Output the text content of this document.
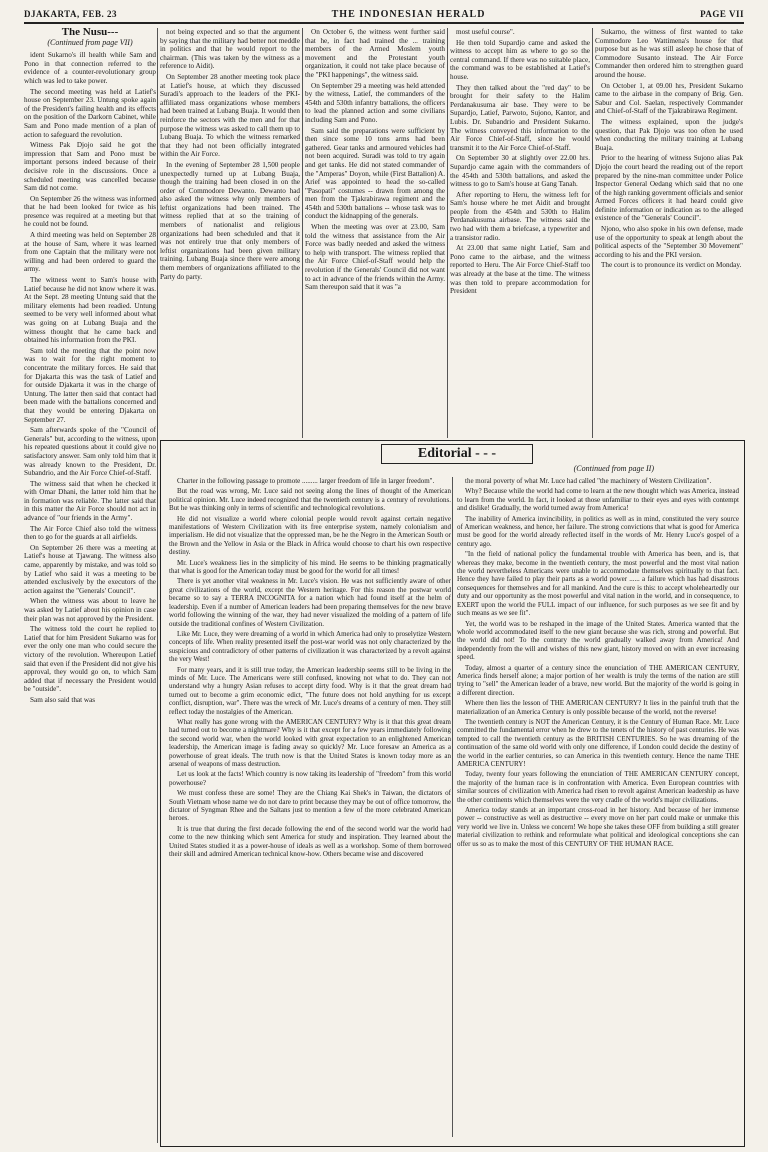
DJAKARTA, FEB. 23	THE INDONESIAN HERALD	PAGE VII
The Nusu---
(Continued from page VII)

ident Sukarno's ill health while Sam and Pono in that connection referred to the evidence of a counter-revolutionary group which was led to take power.

The second meeting was held at Latief's house on September 23. Untung spoke again of the President's failing health and its effects on the position of the Darkorn Cabinet, while Sam and Pono made mention of a plan of action to safeguard the revolution.

Witness Pak Djojo said he got the impression that Sam and Pono must be important persons indeed because of their decisive role in the discussions. Once a scheduled meeting was cancelled because Sam did not come.

On September 26 the witness was informed that he had been looked for twice as his presence was required at a meeting but that he could not be found.

A third meeting was held on September 28 at the house of Sam, where it was learned from one Captain that the military were not willing and had been ordered to guard the army.

The witness went to Sam's house with Latief because he did not know where it was. At the Sept. 28 meeting Untung said that the military elements had been readied. Untung seemed to be very well informed about what was going on at Lubang Buaja and the witness thought that he came back and obtained his information from the PKI.

Sam told the meeting that the point now was to wait for the right moment to concentrate the military forces. He said that for Djakarta this was the task of Latief and for outside Djakarta it was in the charge of Untung. The latter then said that contact had been made with the battalions concerned and that they would be entering Djakarta on September 27.

Sam afterwards spoke of the "Council of Generals" but, according to the witness, upon his repeated questions about it could give no satisfactory answer. Sam only told him that it was already known to the President, Dr. Subandrio, and the Air Force Chief-of-Staff.

The witness said that when he checked it with Omar Dhani, the latter told him that he in formation was reliable. The latter said that in this matter the Air Force should not act in advance of "our friends in the Army".

The Air Force Chief also told the witness then to go for the guards at all airfields.

On September 26 there was a meeting at Latief's house at Tjawang. The witness also came, apparently by mistake, and was told so by Latief who said it was a meeting to be attended exclusively by the executors of the action against the "Generals' Council".

When the witness was about to leave he was asked by Latief about his opinion in case their plan was not approved by the President.

The witness told the court he replied to Latief that for him President Sukarno was for ever the only one man who could secure the victory of the revolution. Whereupon Latief said that even if the President did not give his approval, they would go on, to which Sam added that if necessary the President would be "outside".

Sam also said that was

not being expected and so that the argument by saying that the military had better not meddle in politics and that he would report to the chairman. (This was taken by the witness as a reference to Aidit).

On September 28 another meeting took place at Latief's house, at which they discussed Suradi's approach to the leaders of the PKI-affiliated mass organizations whose members had been trained at Lubang Buaja. It would then reinforce the sectors with the men and for that purpose the witness was asked to call them up to Lubang Buaja. To which the witness remarked that they had not been officially integrated within the Air Force.

In the evening of September 28 1,500 people unexpectedly turned up at Lubang Buaja, though the training had been closed in on the order of Commodore Dewanto. Dewanto had also asked the witness why only members of leftist organizations had been trained. The witness replied that at so the training of members of nationalist and religious organizations had been scheduled and that it was not entirely true that only members of leftist organizations had been given military training. Lubang Buaja since there were among them members of organizations affiliated to the Party do party.

On October 6, the witness went further said that he, in fact had trained the ... training members of the Armed Moslem youth movement and the Protestant youth organization, it could not take place because of the "PKI happenings", the witness said.

On September 29 a meeting was held attended by the witness, Latief, the commanders of the 454th and 530th infantry battalions, the officers to lead the planned action and some civilians including Sam and Pono.

Sam said the preparations were sufficient by then since some 10 tons arms had been gathered. Gear tanks and armoured vehicles had not been acquired. Suradi was told to try again and get tanks. He did not stated commander of the "Amperas" Doyon, while (First Battalion) A. Arief was appointed to head the so-called "Pasopati" costumes -- drawn from among the men from the Tjakrabirawa regiment and the 454th and 530th battalions -- whose task was to conduct the kidnapping of the generals.

When the meeting was over at 23.00, Sam told the witness that assistance from the Air Force was badly needed and asked the witness to help with transport. The witness replied that the Air Force Chief-of-Staff would help the revolution if the Generals' Council did not want to act in advance of the friends within the Army. Sam thereupon said that it was "a

most useful course".

He then told Supardjo came and asked the witness to accept him as where to go so the central command. If there was no suitable place, the command was to be established at Latief's house.

They then talked about the "red day" to be brought for their safety to the Halim Perdanakusuma air base. They were to be Supardjo, Latief, Parwoto, Sujono, Kantor, and Lubis. Dr. Subandrio and President Sukarno. The witness conveyed this information to the Air Force Chief-of-Staff, since he would transmit it to the Air Force Chief-of-Staff.

On September 30 at slightly over 22.00 hrs. Supardjo came again with the commanders of the 454th and 530th battalions, and asked the witness to go to Sam's house at Gang Tanah.

After reporting to Heru, the witness left for Sam's house where he met Aidit and brought people from the 454th and 530th to Halim Perdanakusuma airbase. The witness said the two had with them a briefcase, a typewriter and a transistor radio.

At 23.00 that same night Latief, Sam and Pono came to the airbase, and the witness reported to Heru. The Air Force Chief-Staff too was already at the base at the time. The witness was then told to prepare accommodation for President

Sukarno, the witness of first wanted to take Commodore Leo Wattimena's house for that purpose but as he was still asleep he chose that of Commodore Susanto instead. The Air Force Commander then ordered him to strengthen guard around the house.

On October 1, at 09.00 hrs, President Sukarno came to the airbase in the company of Brig. Gen. Sabur and Col. Saelan, respectively Commander and Chief-of-Staff of the Tjakrabirawa Regiment.

The witness explained, upon the judge's question, that Pak Djojo was too often he used when conducting the military training at Lubang Buaja.

Prior to the hearing of witness Sujono alias Pak Djojo the court heard the reading out of the report prepared by the nine-man committee under Police Inspector General Oedang which said that no one of the high ranking government officials and senior Armed Forces officers it had heard could give definite information or indication as to the alleged existence of the "Generals' Council".

Njono, who also spoke in his own defense, made use of the opportunity to speak at length about the political aspects of the "September 30 Movement" according to his and the PKI version.

The court is to pronounce its verdict on Monday.

Editorial - - -
(Continued from page II)

Charter in the following passage to promote ......... larger freedom of life in larger freedom".

But the road was wrong, Mr. Luce said not seeing along the lines of thought of the American political opinion. Mr. Luce indeed recognized that the twentieth century is a century of revolutions. But he was thinking only in terms of scientific and technological revolutions.

He did not visualize a world where colonial people would revolt against certain negative manifestations of Western Civilization with its free enterprise system, namely colonialism and imperialism. He did not visualize that the oppressed man, be he the Negro in the American South or the Brown and the Yellow in Asia or the Black in Africa would choose to chart his own respective destiny.

Mr. Luce's weakness lies in the simplicity of his mind. He seems to be thinking pragmatically that what is good for the American today must be good for the world for all times!

There is yet another vital weakness in Mr. Luce's vision. He was not sufficiently aware of other great civilizations of the world, except the Western heritage. For this reason the postwar world became so to say a TERRA INCOGNITA for a nation which had found itself at the helm of leadership. Even if a number of American leaders had been preparing themselves for the new brave world following the winning of the war, they had never visualized the molding of a pattern of life outside the traditional confines of Western Civilization.

Like Mr. Luce, they were dreaming of a world in which America had only to proselytize Western concepts of life. When reality presented itself the post-war world was not only characterized by the suspicious and contradictory of other patterns of civilization it was characterized by a revolt against the very West!

For many years, and it is still true today, the American leadership seems still to be living in the minds of Mr. Luce. The Americans were still confused, knowing not what to do. They can not understand why a hungry Asian refuses to accept dirty food. Why is it that the great dream had turned out to become a grim economic edict, "The future does not hold anything for us except conflict, disruption, war". There was the wreck of Mr. Luce's dreams of a century of men. They still reflect today the nostalgies of the American.

What really has gone wrong with the AMERICAN CENTURY? Why is it that this great dream had turned out to become a nightmare? Why is it that except for a few years immediately following the second world war, when the world looked with great expectation to an enlightened American leadership, the American image is fading away so quickly? Mr. Luce foresaw an America as a powerhouse of great ideals. The truth now is that the United States is known today more as an arsenal of weapons of mass destruction.

Let us look at the facts! Which country is now taking its leadership of "freedom" from this world powerhouse?

We must confess these are some! They are the Chiang Kai Shek's in Taiwan, the dictators of South Vietnam whose name we do not dare to print because they may be out of office tomorrow, the dictator of Syngman Rhee and the Saltans just to mention a few of the more celebrated American heroes.

It is true that during the first decade following the end of the second world war the world had come to the new thinking which sent America for study and inspiration. They learned about the United States studied it as a power-house of ideals as well as a workshop. Some of them borrowed their skill and admired American technical know-how. Others became wise and discovered

the moral poverty of what Mr. Luce had called "the machinery of Western Civilization".

Why? Because while the world had come to learn at the new thought which was America, instead to learn from the world. In fact, it looked at those unfamiliar to their eyes and eyes with contempt and dislike! Gradually, the world turned away from America!

The inability of America invincibility, in politics as well as in mind, constituted the very source of American weakness, and hence, her failure. The strong convictions that what is good for America must be good for the world already reflected itself in the words of Mr. Henry Luce's gospel of a century ago.

"In the field of national policy the fundamental trouble with America has been, and is, that whereas they make, become in the twentieth century, the most powerful and the most vital nation the world nevertheless Americans were unable to accommodate themselves spiritually to that fact. Hence they have failed to play their parts as a world power ...... a failure which has had disastrous consequences for themselves and for all mankind. And the cure is this: to accept wholeheartedly our duty and our opportunity as the most powerful and vital nation in the world, and in consequence, to EXERT upon the world the FULL impact of our influence, for such purposes as we see fit and by such means as we see fit".

Yet, the world was to be reshaped in the image of the United States. America wanted that the whole world accommodated itself to the new giant because she was rich, strong and powerful. But the world did not! To the contrary the world gradually walked away from America! And independently from the will and wishes of this new giant, history moved on with an ever increasing speed.

Today, almost a quarter of a century since the enunciation of THE AMERICAN CENTURY, America finds herself alone; a major portion of her wealth is truly the terms of the nation are still trying to "sell" the American leader of a brave, new world. But the majority of the world is going in a different direction.

Where then lies the lesson of THE AMERICAN CENTURY? It lies in the painful truth that the materialization of an America Century is only possible because of the world, not the reverse!

The twentieth century is NOT the American Century, it is the Century of Human Race. Mr. Luce committed the fundamental error when he drew to the tenets of the history of past centuries. He was tempted to call the twentieth century as the BRITISH CENTURIES. So he was dreaming of the continuation of the same old world with only one difference, if London could decide the destiny of the world in the earlier centuries, so can America in this twentieth century. Hence the name THE AMERICA CENTURY!

Today, twenty four years following the enunciation of THE AMERICAN CENTURY concept, the majority of the human race is in confrontation with America. Even European countries with similar sources of civilization with America had risen to revolt against American leadership as have the other continents which themselves were the very cradle of the world's major civilizations.

America today stands at an important cross-road in her history. And because of her immense power -- constructive as well as destructive -- every move on her part could make or unmake this very world we live in. Unless we concern! We hope she takes these OFF from building a still greater material civilization to rethink and reformulate what political and ideological conceptions she can offer us so as to make the most of this CENTURY OF THE HUMAN RACE.
